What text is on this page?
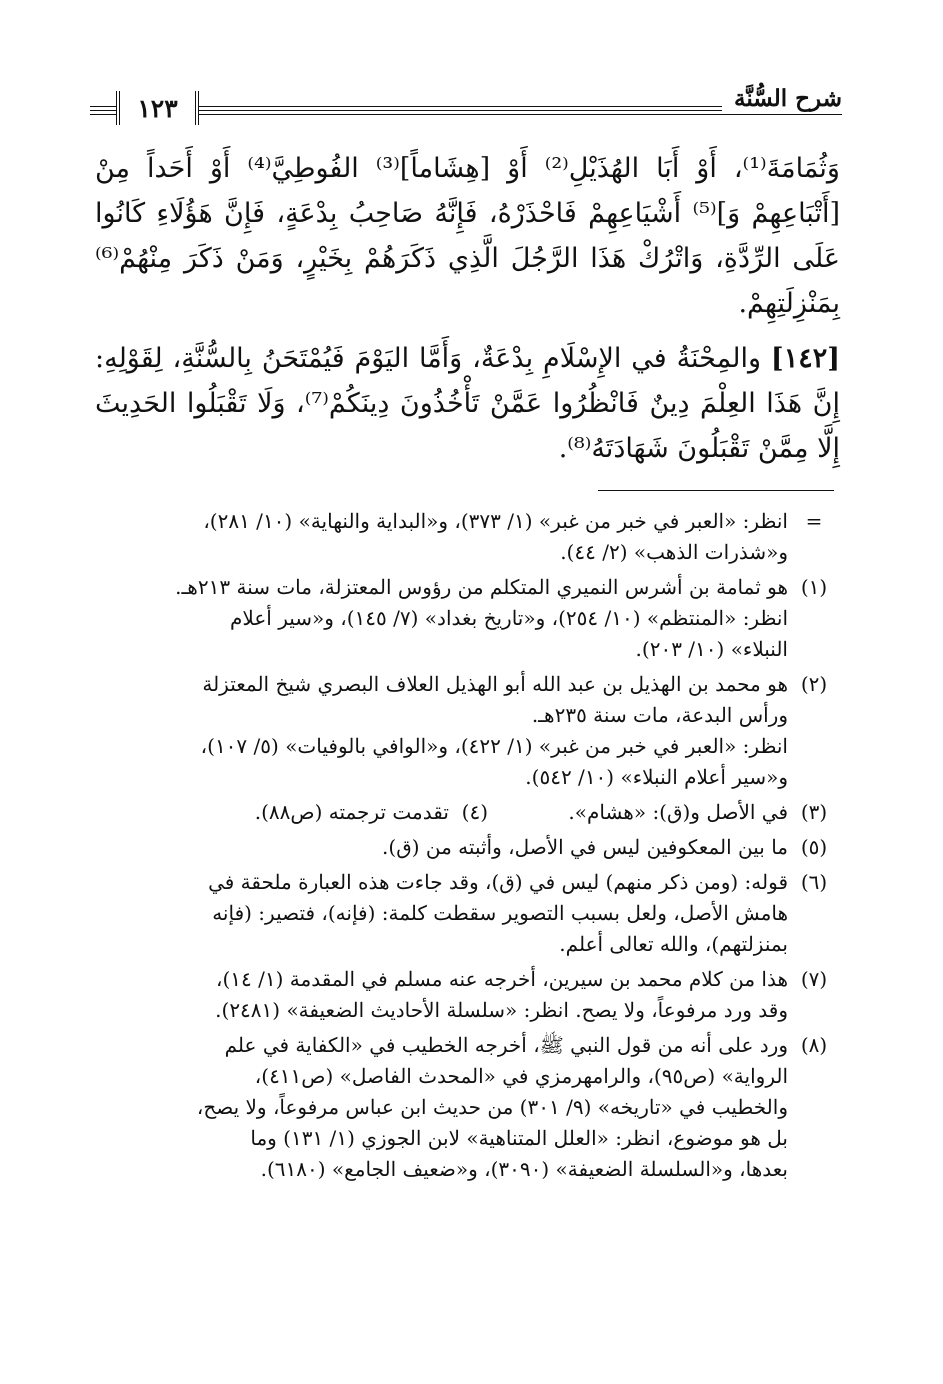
شرح السُّنَّة
١٢٣

وَثُمَامَةَ⁽¹⁾، أَوْ أَبَا الهُذَيْلِ⁽²⁾ أَوْ [هِشَاماً]⁽³⁾ الفُوطِيَّ⁽⁴⁾ أَوْ أَحَداً مِنْ [أَتْبَاعِهِمْ وَ]⁽⁵⁾ أَشْيَاعِهِمْ فَاحْذَرْهُ، فَإِنَّهُ صَاحِبُ بِدْعَةٍ، فَإِنَّ هَؤُلَاءِ كَانُوا عَلَى الرِّدَّةِ، وَاتْرُكْ هَذَا الرَّجُلَ الَّذِي ذَكَرَهُمْ بِخَيْرٍ، وَمَنْ ذَكَرَ مِنْهُمْ⁽⁶⁾ بِمَنْزِلَتِهِمْ.

[١٤٢] والمِحْنَةُ في الإِسْلَامِ بِدْعَةٌ، وَأَمَّا اليَوْمَ فَيُمْتَحَنُ بِالسُّنَّةِ، لِقَوْلِهِ: إِنَّ هَذَا العِلْمَ دِينٌ فَانْظُرُوا عَمَّنْ تَأْخُذُونَ دِينَكُمْ⁽⁷⁾، وَلَا تَقْبَلُوا الحَدِيثَ إِلَّا مِمَّنْ تَقْبَلُونَ شَهَادَتَهُ⁽⁸⁾.

=
انظر: «العبر في خبر من غبر» (١/ ٣٧٣)، و«البداية والنهاية» (١٠/ ٢٨١)،
و«شذرات الذهب» (٢/ ٤٤).
(١)
هو ثمامة بن أشرس النميري المتكلم من رؤوس المعتزلة، مات سنة ٢١٣هـ.
انظر: «المنتظم» (١٠/ ٢٥٤)، و«تاريخ بغداد» (٧/ ١٤٥)، و«سير أعلام
النبلاء» (١٠/ ٢٠٣).
(٢)
هو محمد بن الهذيل بن عبد الله أبو الهذيل العلاف البصري شيخ المعتزلة
ورأس البدعة، مات سنة ٢٣٥هـ.
انظر: «العبر في خبر من غبر» (١/ ٤٢٢)، و«الوافي بالوفيات» (٥/ ١٠٧)،
و«سير أعلام النبلاء» (١٠/ ٥٤٢).
(٣)
في الأصل و(ق): «هشام».
(٤)

تقدمت ترجمته (ص٨٨).
(٥)
ما بين المعكوفين ليس في الأصل، وأثبته من (ق).
(٦)
قوله: (ومن ذكر منهم) ليس في (ق)، وقد جاءت هذه العبارة ملحقة في
هامش الأصل، ولعل بسبب التصوير سقطت كلمة: (فإنه)، فتصير: (فإنه
بمنزلتهم)، والله تعالى أعلم.
(٧)
هذا من كلام محمد بن سيرين، أخرجه عنه مسلم في المقدمة (١/ ١٤)،
وقد ورد مرفوعاً، ولا يصح. انظر: «سلسلة الأحاديث الضعيفة» (٢٤٨١).
(٨)
ورد على أنه من قول النبي ﷺ، أخرجه الخطيب في «الكفاية في علم
الرواية» (ص٩٥)، والرامهرمزي في «المحدث الفاصل» (ص٤١١)،
والخطيب في «تاريخه» (٩/ ٣٠١) من حديث ابن عباس مرفوعاً، ولا يصح،
بل هو موضوع، انظر: «العلل المتناهية» لابن الجوزي (١/ ١٣١) وما
بعدها، و«السلسلة الضعيفة» (٣٠٩٠)، و«ضعيف الجامع» (٦١٨٠).
